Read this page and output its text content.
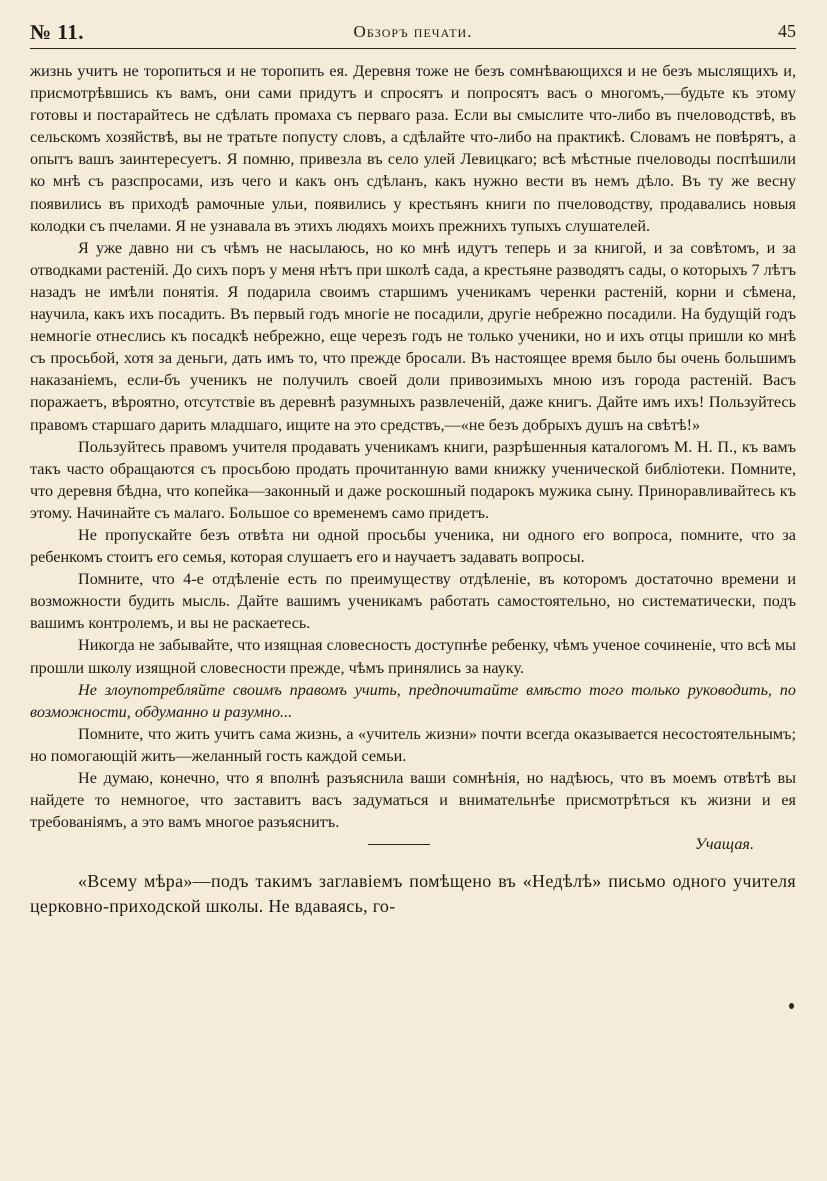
№ 11.	Обзоръ печати.	45

жизнь учитъ не торопиться и не торопить ея. Деревня тоже не безъ сомнѣвающихся и не безъ мыслящихъ и, присмотрѣвшись къ вамъ, они сами придутъ и спросятъ и попросятъ васъ о многомъ,—будьте къ этому готовы и постарайтесь не сдѣлать промаха съ перваго раза. Если вы смыслите что-либо въ пчеловодствѣ, въ сельскомъ хозяйствѣ, вы не тратьте попусту словъ, а сдѣлайте что-либо на практикѣ. Словамъ не повѣрятъ, а опытъ вашъ заинтересуетъ. Я помню, привезла въ село улей Левицкаго; всѣ мѣстные пчеловоды поспѣшили ко мнѣ съ разспросами, изъ чего и какъ онъ сдѣланъ, какъ нужно вести въ немъ дѣло. Въ ту же весну появились въ приходѣ рамочные ульи, появились у крестьянъ книги по пчеловодству, продавались новыя колодки съ пчелами. Я не узнавала въ этихъ людяхъ моихъ прежнихъ тупыхъ слушателей.

Я уже давно ни съ чѣмъ не насылаюсь, но ко мнѣ идутъ теперь и за книгой, и за совѣтомъ, и за отводками растеній. До сихъ поръ у меня нѣтъ при школѣ сада, а крестьяне разводятъ сады, о которыхъ 7 лѣтъ назадъ не имѣли понятія. Я подарила своимъ старшимъ ученикамъ черенки растеній, корни и сѣмена, научила, какъ ихъ посадить. Въ первый годъ многіе не посадили, другіе небрежно посадили. На будущій годъ немногіе отнеслись къ посадкѣ небрежно, еще черезъ годъ не только ученики, но и ихъ отцы пришли ко мнѣ съ просьбой, хотя за деньги, дать имъ то, что прежде бросали. Въ настоящее время было бы очень большимъ наказаніемъ, если-бъ ученикъ не получилъ своей доли привозимыхъ мною изъ города растеній. Васъ поражаетъ, вѣроятно, отсутствіе въ деревнѣ разумныхъ развлеченій, даже книгъ. Дайте имъ ихъ! Пользуйтесь правомъ старшаго дарить младшаго, ищите на это средствъ,—«не безъ добрыхъ душъ на свѣтѣ!»

Пользуйтесь правомъ учителя продавать ученикамъ книги, разрѣшенныя каталогомъ М. Н. П., къ вамъ такъ часто обращаются съ просьбою продать прочитанную вами книжку ученической библіотеки. Помните, что деревня бѣдна, что копейка—законный и даже роскошный подарокъ мужика сыну. Приноравливайтесь къ этому. Начинайте съ малаго. Большое со временемъ само придетъ.

Не пропускайте безъ отвѣта ни одной просьбы ученика, ни одного его вопроса, помните, что за ребенкомъ стоитъ его семья, которая слушаетъ его и научаетъ задавать вопросы.

Помните, что 4-е отдѣленіе есть по преимуществу отдѣленіе, въ которомъ достаточно времени и возможности будить мысль. Дайте вашимъ ученикамъ работать самостоятельно, но систематически, подъ вашимъ контролемъ, и вы не раскаетесь.

Никогда не забывайте, что изящная словесность доступнѣе ребенку, чѣмъ ученое сочиненіе, что всѣ мы прошли школу изящной словесности прежде, чѣмъ принялись за науку.

Не злоупотребляйте своимъ правомъ учить, предпочитайте вмѣсто того только руководить, по возможности, обдуманно и разумно...

Помните, что жить учитъ сама жизнь, а «учитель жизни» почти всегда оказывается несостоятельнымъ; но помогающій жить—желанный гость каждой семьи.

Не думаю, конечно, что я вполнѣ разъяснила ваши сомнѣнія, но надѣюсь, что въ моемъ отвѣтѣ вы найдете то немногое, что заставитъ васъ задуматься и внимательнѣе присмотрѣться къ жизни и ея требованіямъ, а это вамъ многое разъяснитъ.

Учащая.

«Всему мѣра»—подъ такимъ заглавіемъ помѣщено въ «Недѣлѣ» письмо одного учителя церковно-приходской школы. Не вдаваясь, го-
